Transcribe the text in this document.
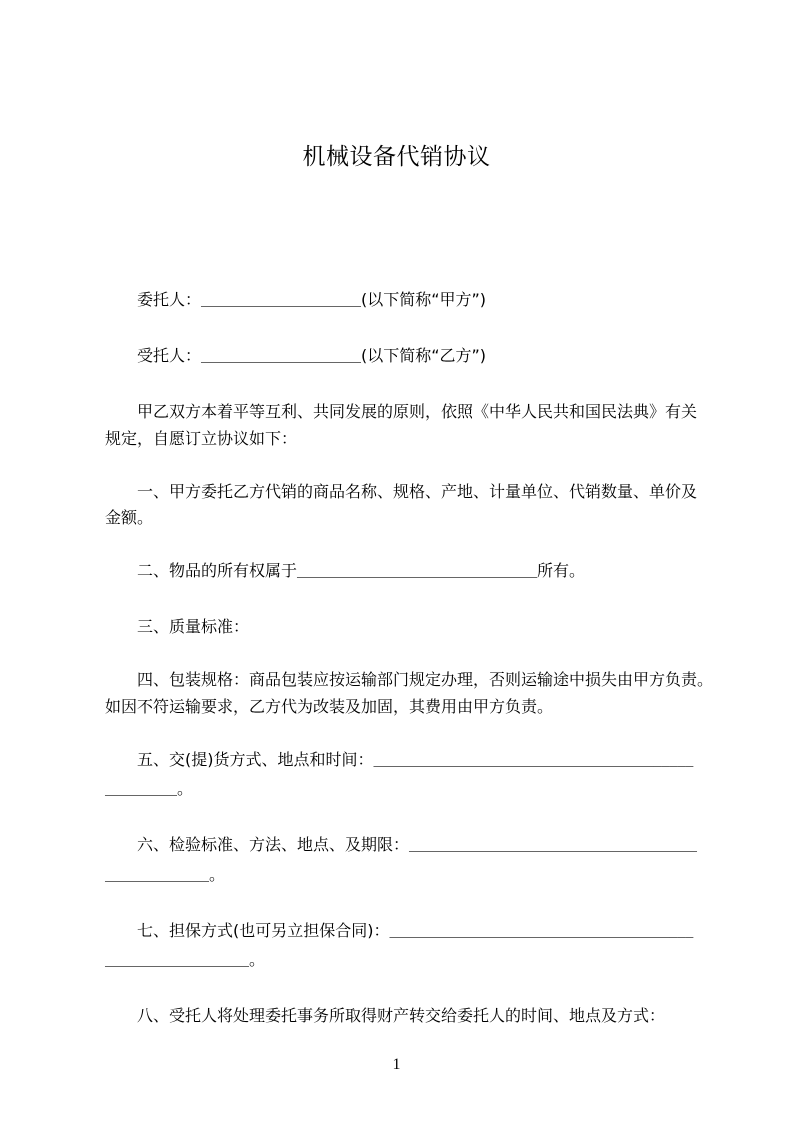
机械设备代销协议
委托人：____________________(以下简称“甲方”)
受托人：____________________(以下简称“乙方”)
甲乙双方本着平等互利、共同发展的原则，依照《中华人民共和国民法典》有关
规定，自愿订立协议如下：
一、甲方委托乙方代销的商品名称、规格、产地、计量单位、代销数量、单价及
金额。
二、物品的所有权属于______________________________所有。
三、质量标准：
四、包装规格：商品包装应按运输部门规定办理，否则运输途中损失由甲方负责。
如因不符运输要求，乙方代为改装及加固，其费用由甲方负责。
五、交(提)货方式、地点和时间：________________________________________
_________。
六、检验标准、方法、地点、及期限：____________________________________
_____________。
七、担保方式(也可另立担保合同)：______________________________________
__________________。
八、受托人将处理委托事务所取得财产转交给委托人的时间、地点及方式：
1
